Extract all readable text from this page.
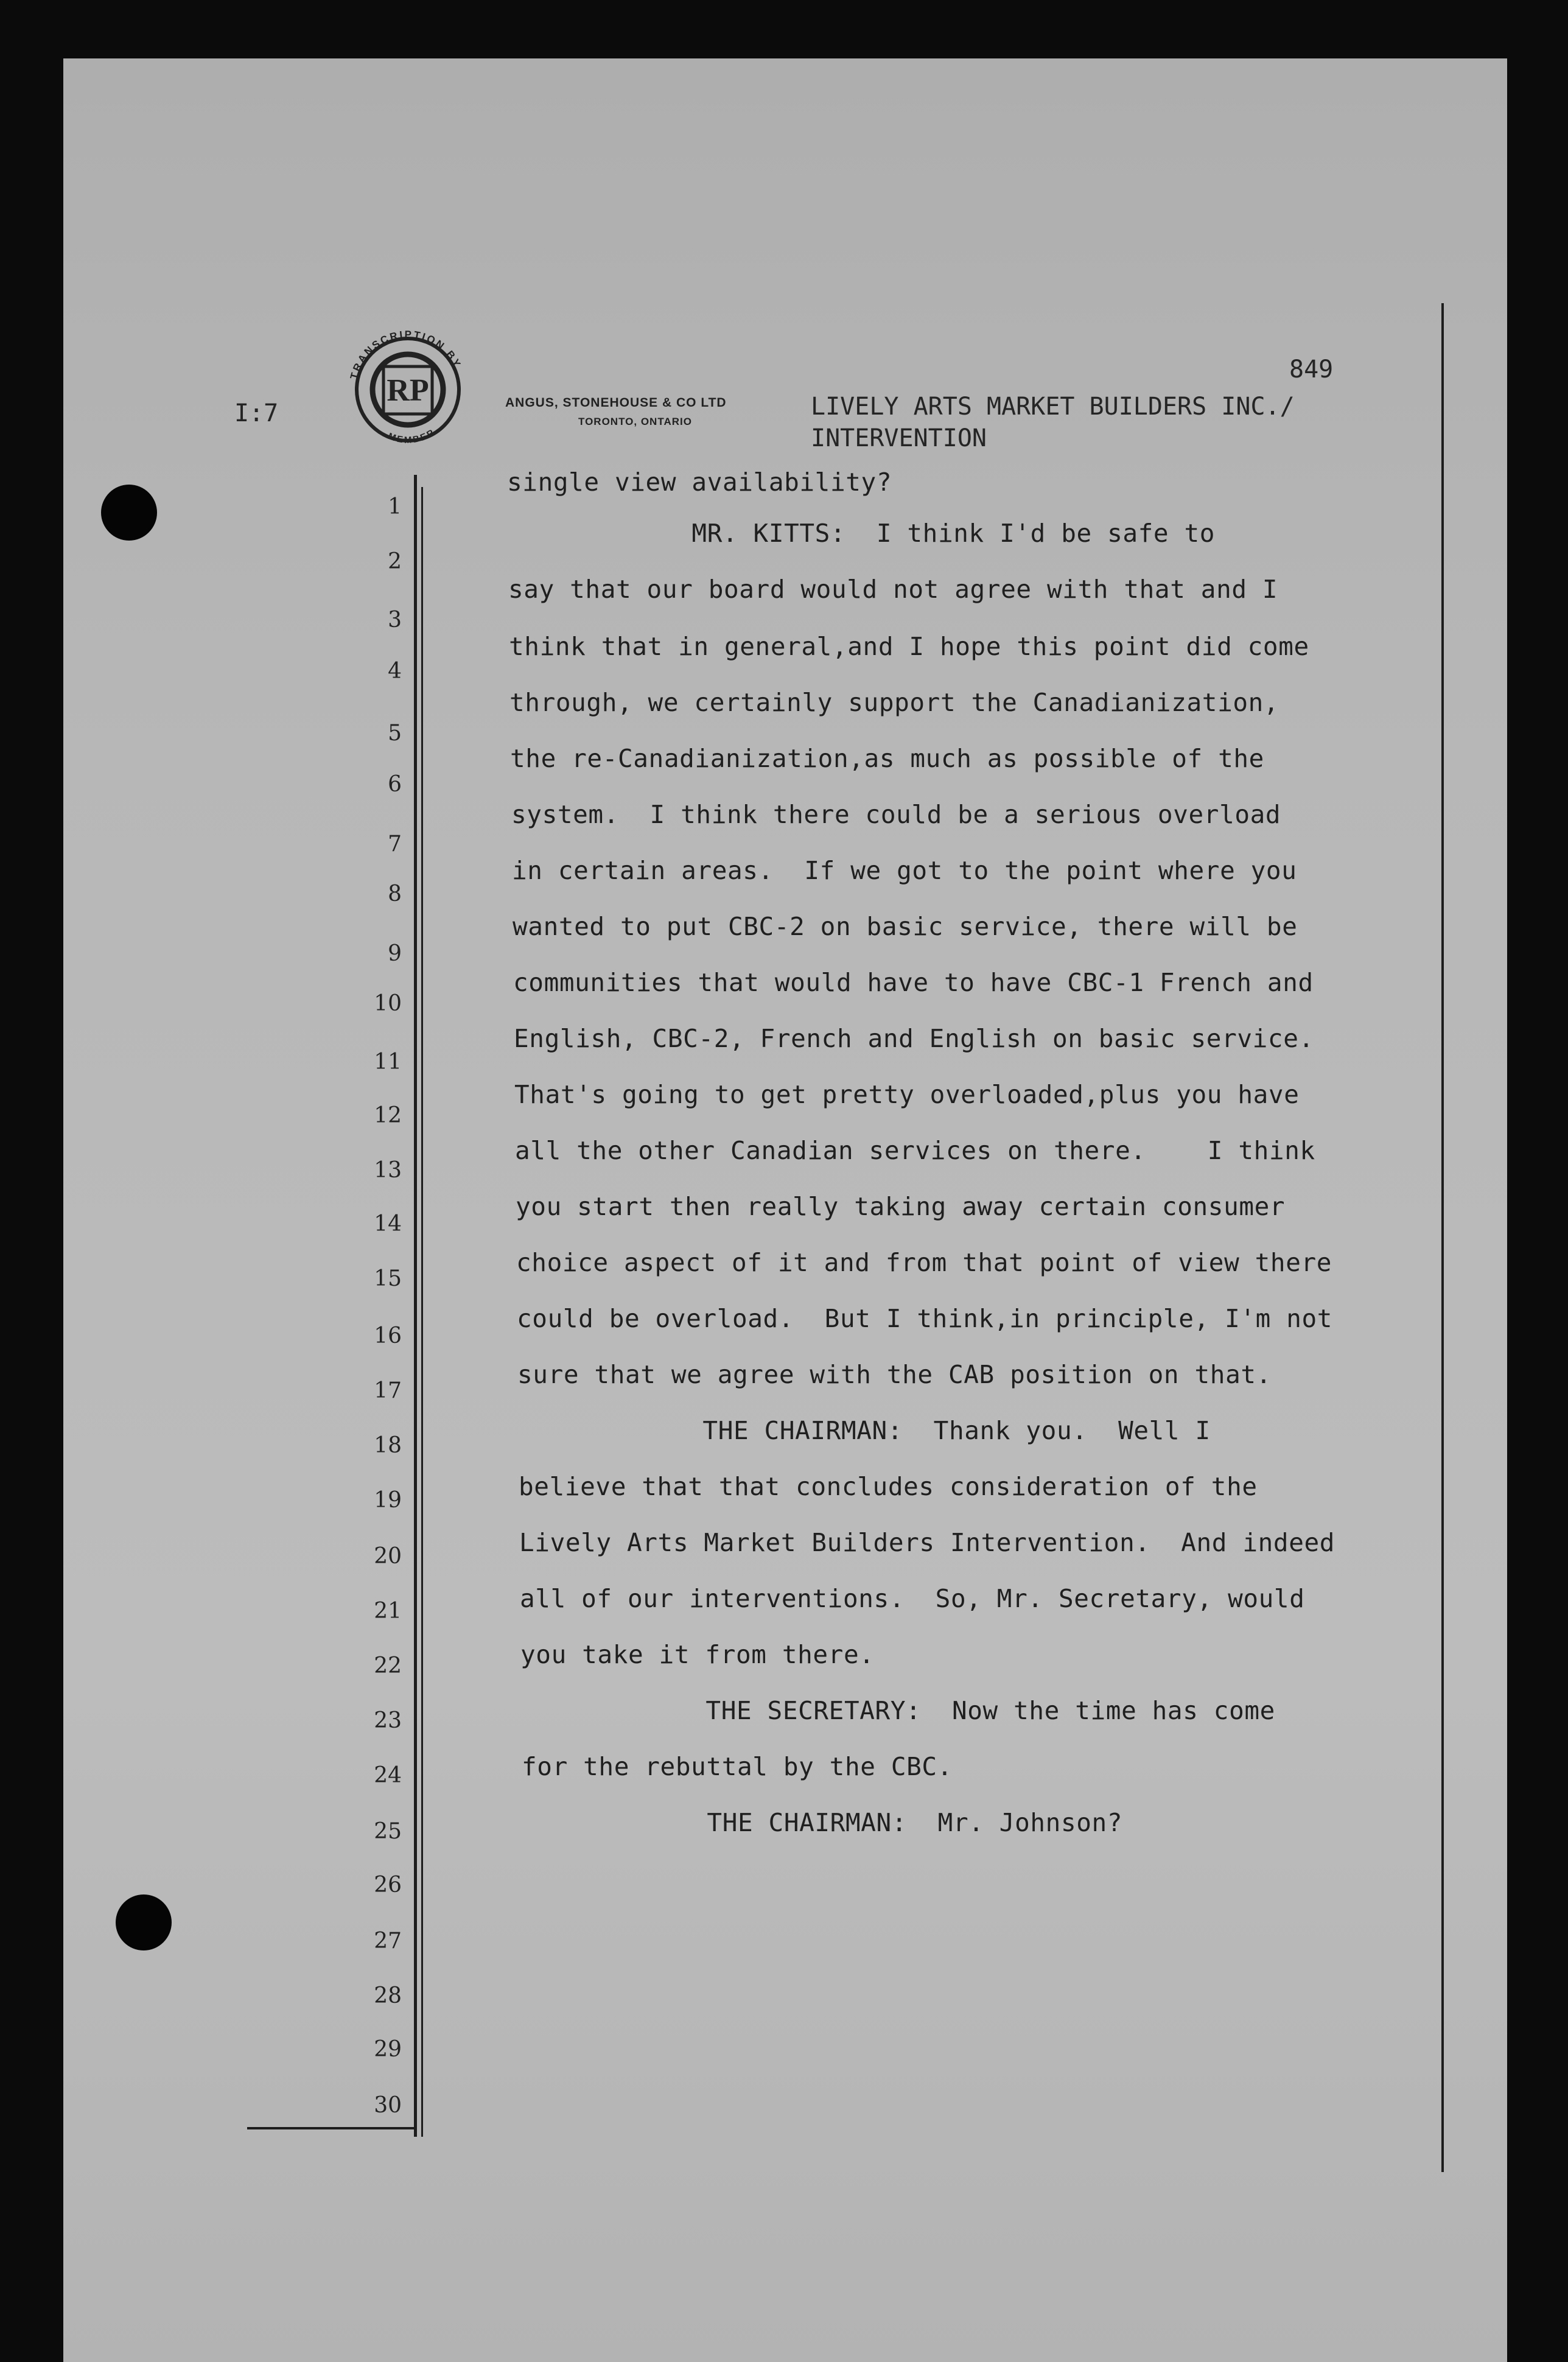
TRANSCRIPTION BY
MEMBER
RP	ANGUS, STONEHOUSE & CO LTD
TORONTO, ONTARIO
849
I:7	LIVELY ARTS MARKET BUILDERS INC./
INTERVENTION
1
2
3
4
5
6
7
8
9
10
11
12
13
14
15
16
17
18
19
20
21
22
23
24
25
26
27
28
29
30
single view availability?
MR. KITTS:  I think I'd be safe to
say that our board would not agree with that and I
think that in general,and I hope this point did come
through, we certainly support the Canadianization,
the re-Canadianization,as much as possible of the
system.  I think there could be a serious overload
in certain areas.  If we got to the point where you
wanted to put CBC-2 on basic service, there will be
communities that would have to have CBC-1 French and
English, CBC-2, French and English on basic service.
That's going to get pretty overloaded,plus you have
all the other Canadian services on there.    I think
you start then really taking away certain consumer
choice aspect of it and from that point of view there
could be overload.  But I think,in principle, I'm not
sure that we agree with the CAB position on that.
THE CHAIRMAN:  Thank you.  Well I
believe that that concludes consideration of the
Lively Arts Market Builders Intervention.  And indeed
all of our interventions.  So, Mr. Secretary, would
you take it from there.
THE SECRETARY:  Now the time has come
for the rebuttal by the CBC.
THE CHAIRMAN:  Mr. Johnson?
